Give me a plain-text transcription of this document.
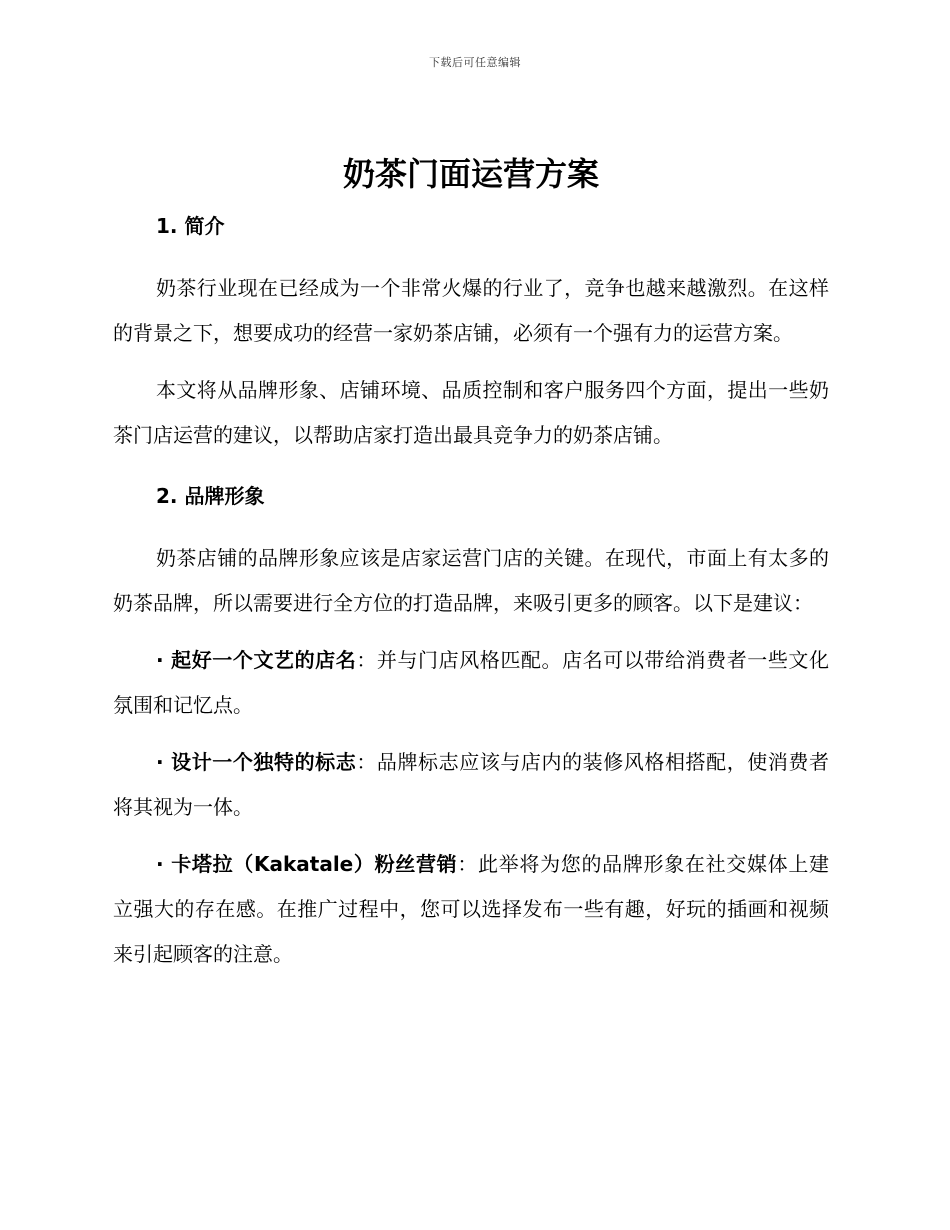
下载后可任意编辑
奶茶门面运营方案
1. 简介

奶茶行业现在已经成为一个非常火爆的行业了，竞争也越来越激烈。在这样的背景之下，想要成功的经营一家奶茶店铺，必须有一个强有力的运营方案。

本文将从品牌形象、店铺环境、品质控制和客户服务四个方面，提出一些奶茶门店运营的建议，以帮助店家打造出最具竞争力的奶茶店铺。

2. 品牌形象

奶茶店铺的品牌形象应该是店家运营门店的关键。在现代，市面上有太多的奶茶品牌，所以需要进行全方位的打造品牌，来吸引更多的顾客。以下是建议：

· 起好一个文艺的店名：并与门店风格匹配。店名可以带给消费者一些文化氛围和记忆点。

· 设计一个独特的标志：品牌标志应该与店内的装修风格相搭配，使消费者将其视为一体。

· 卡塔拉（Kakatale）粉丝营销：此举将为您的品牌形象在社交媒体上建立强大的存在感。在推广过程中，您可以选择发布一些有趣，好玩的插画和视频来引起顾客的注意。
